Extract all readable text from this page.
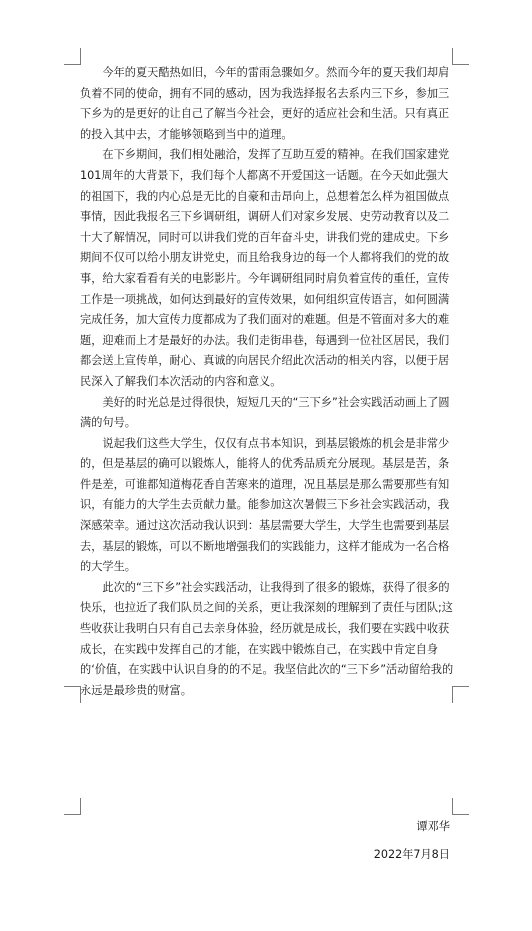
今年的夏天酷热如旧，今年的雷雨急骤如夕。然而今年的夏天我们却肩负着不同的使命，拥有不同的感动，因为我选择报名去系内三下乡，参加三下乡为的是更好的让自己了解当今社会，更好的适应社会和生活。只有真正的投入其中去，才能够领略到当中的道理。

在下乡期间，我们相处融洽，发挥了互助互爱的精神。在我们国家建党101周年的大背景下，我们每个人都离不开爱国这一话题。在今天如此强大的祖国下，我的内心总是无比的自豪和击昂向上，总想着怎么样为祖国做点事情，因此我报名三下乡调研组，调研人们对家乡发展、史劳动教育以及二十大了解情况，同时可以讲我们党的百年奋斗史，讲我们党的建成史。下乡期间不仅可以给小朋友讲党史，而且给我身边的每一个人都将我们的党的故事，给大家看看有关的电影影片。今年调研组同时肩负着宣传的重任，宣传工作是一项挑战，如何达到最好的宣传效果，如何组织宣传语言，如何圆满完成任务，加大宣传力度都成为了我们面对的难题。但是不管面对多大的难题，迎难而上才是最好的办法。我们走街串巷，每遇到一位社区居民，我们都会送上宣传单，耐心、真诚的向居民介绍此次活动的相关内容，以便于居民深入了解我们本次活动的内容和意义。

美好的时光总是过得很快，短短几天的“三下乡”社会实践活动画上了圆满的句号。

说起我们这些大学生，仅仅有点书本知识，到基层锻炼的机会是非常少的，但是基层的确可以锻炼人，能将人的优秀品质充分展现。基层是苦，条件是差，可谁都知道梅花香自苦寒来的道理，况且基层是那么需要那些有知识，有能力的大学生去贡献力量。能参加这次暑假三下乡社会实践活动，我深感荣幸。通过这次活动我认识到：基层需要大学生，大学生也需要到基层去，基层的锻炼，可以不断地增强我们的实践能力，这样才能成为一名合格的大学生。

此次的“三下乡”社会实践活动，让我得到了很多的锻炼，获得了很多的快乐，也拉近了我们队员之间的关系，更让我深刻的理解到了责任与团队;这些收获让我明白只有自己去亲身体验，经历就是成长，我们要在实践中收获成长，在实践中发挥自己的才能，在实践中锻炼自己，在实践中肯定自身的‘价值，在实践中认识自身的的不足。我坚信此次的“三下乡”活动留给我的永远是最珍贵的财富。

谭邓华
2022年7月8日
